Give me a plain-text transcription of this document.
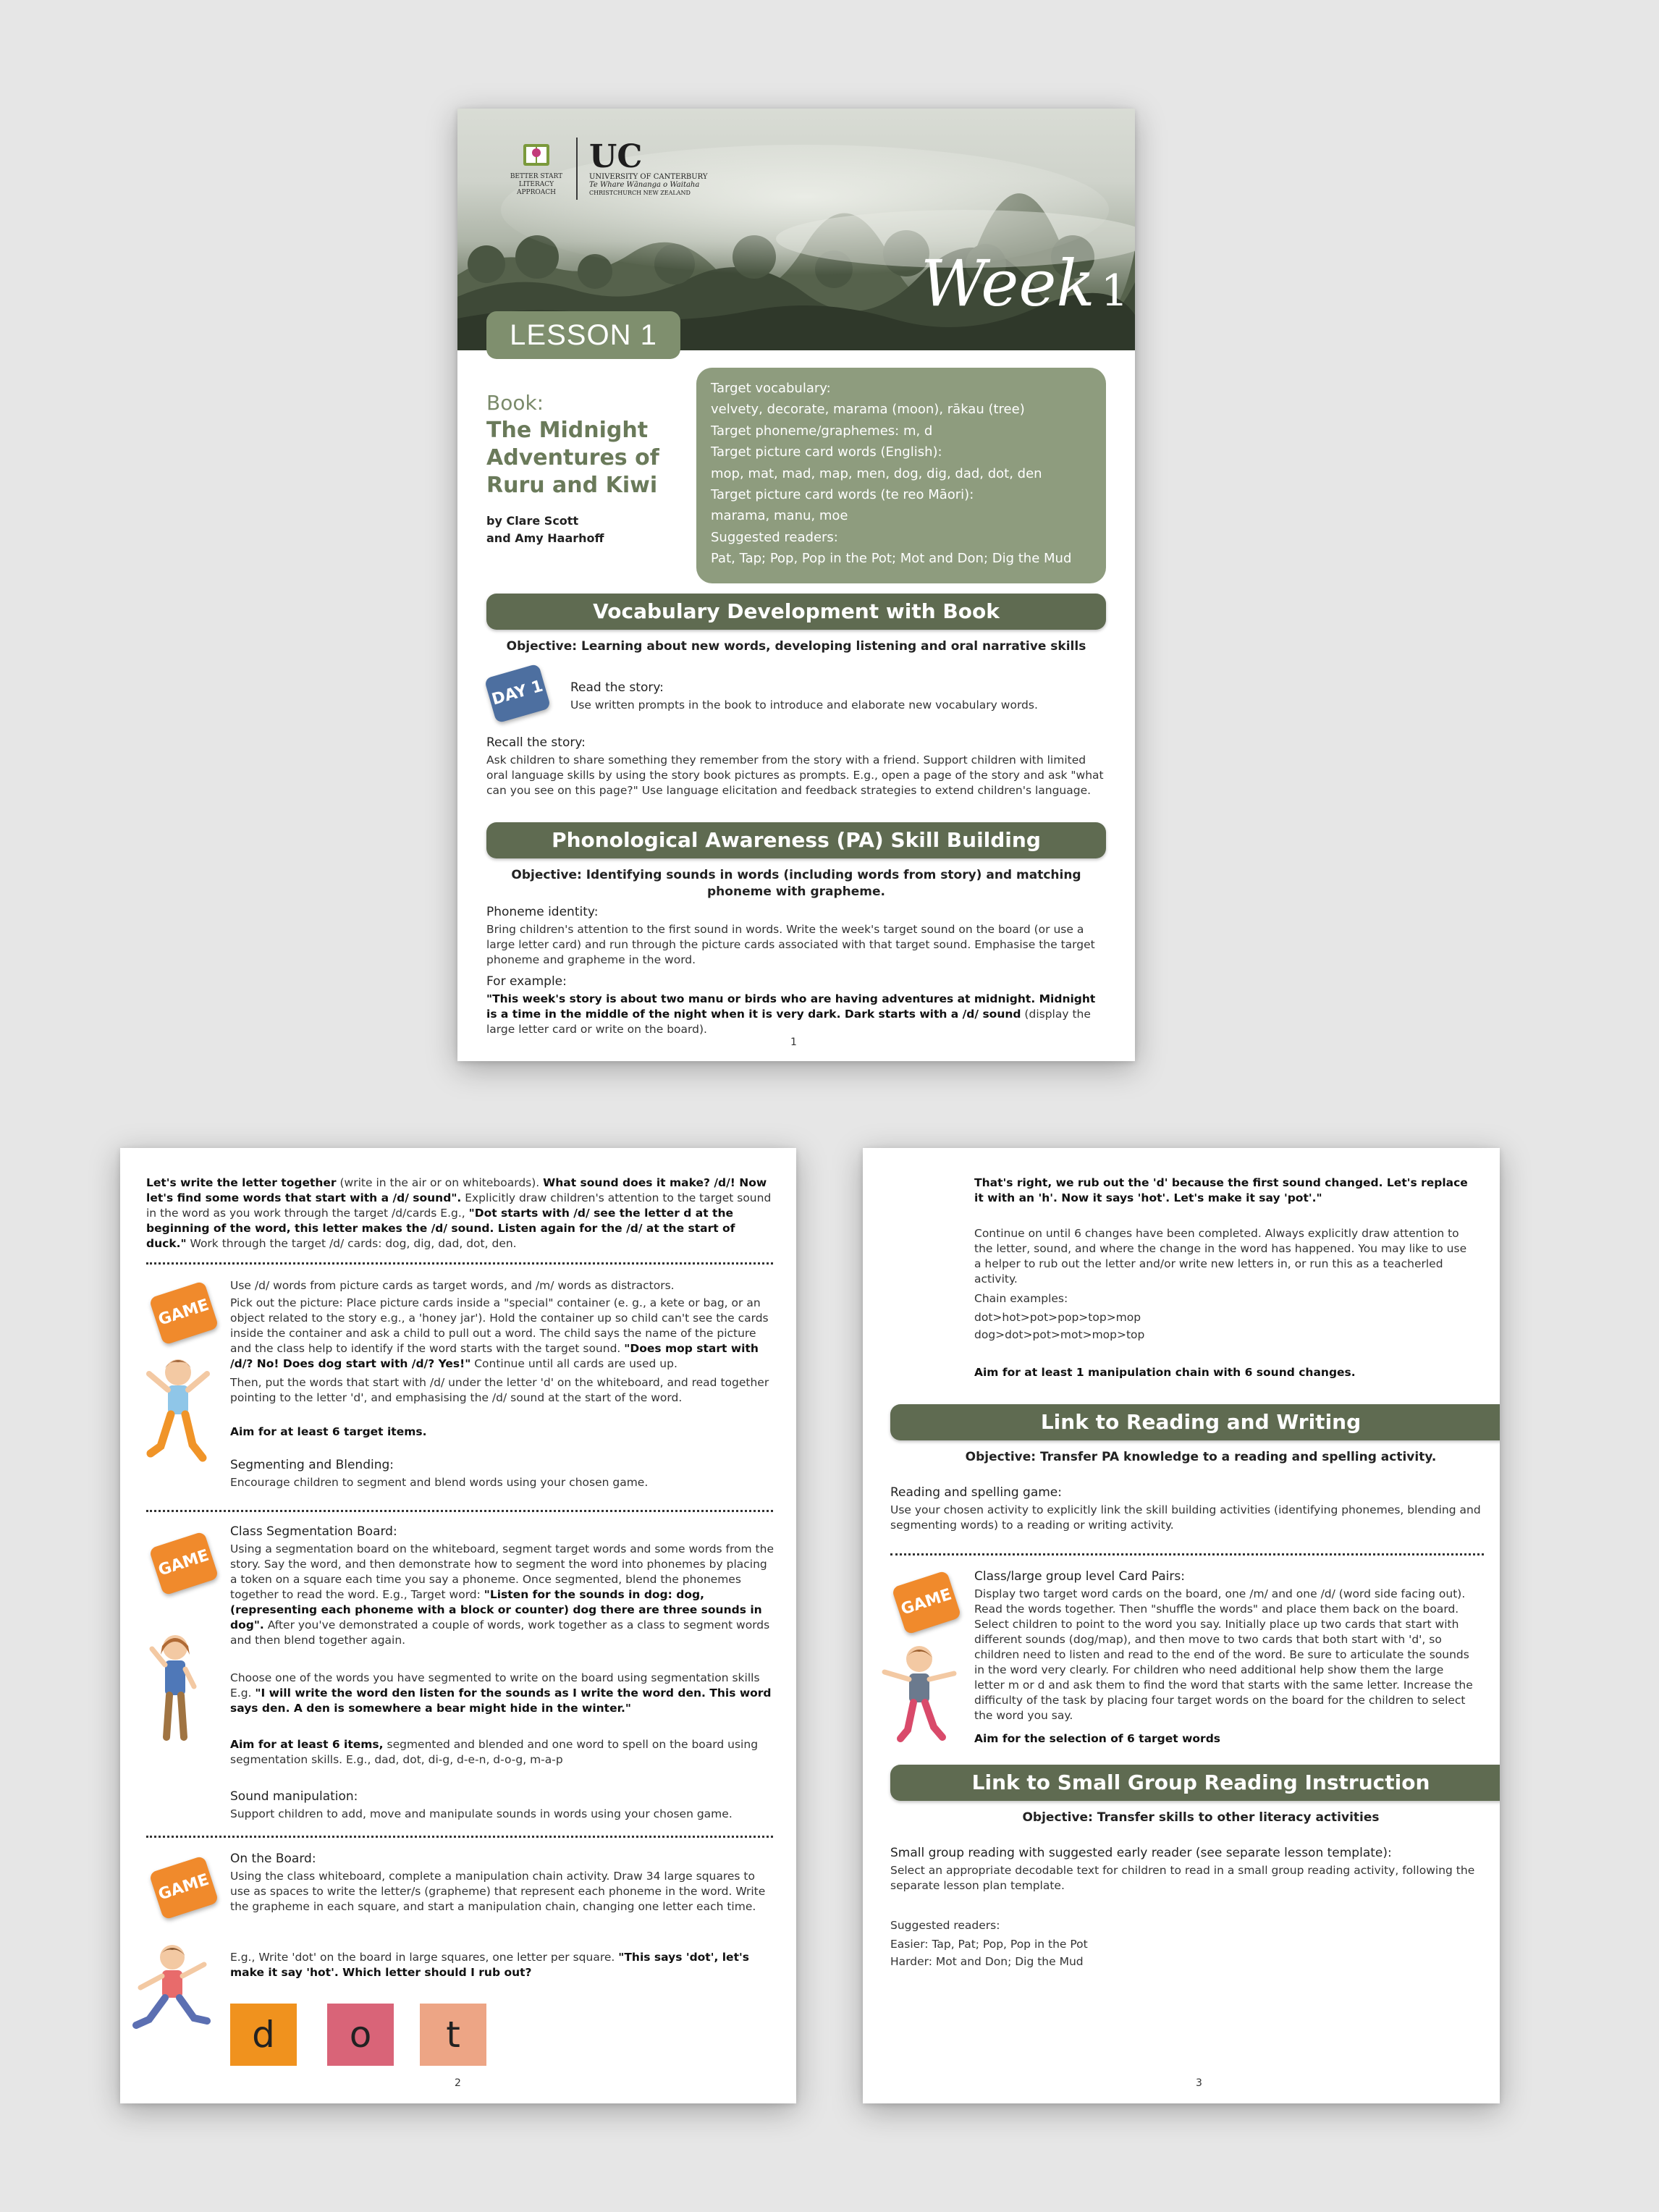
BETTER START LITERACY APPROACH
UC
UNIVERSITY OF CANTERBURY
Te Whare Wānanga o Waitaha
CHRISTCHURCH NEW ZEALAND
Week 1
LESSON 1
Book:
The Midnight Adventures of Ruru and Kiwi
by Clare Scott
and Amy Haarhoff
Target vocabulary:
velvety, decorate, marama (moon), rākau (tree)
Target phoneme/graphemes: m, d
Target picture card words (English):
mop, mat, mad, map, men, dog, dig, dad, dot, den
Target picture card words (te reo Māori):
marama, manu, moe
Suggested readers:
Pat, Tap; Pop, Pop in the Pot; Mot and Don; Dig the Mud
Vocabulary Development with Book
Objective: Learning about new words, developing listening and oral narrative skills
DAY 1	Read the story:
Use written prompts in the book to introduce and elaborate new vocabulary words.
Recall the story:
Ask children to share something they remember from the story with a friend. Support children with limited oral language skills by using the story book pictures as prompts. E.g., open a page of the story and ask "what can you see on this page?" Use language elicitation and feedback strategies to extend children's language.
Phonological Awareness (PA) Skill Building
Objective: Identifying sounds in words (including words from story) and matching
phoneme with grapheme.
Phoneme identity:
Bring children's attention to the first sound in words. Write the week's target sound on the board (or use a large letter card) and run through the picture cards associated with that target sound. Emphasise the target phoneme and grapheme in the word.
For example:
"This week's story is about two manu or birds who are having adventures at midnight. Midnight is a time in the middle of the night when it is very dark. Dark starts with a /d/ sound (display the large letter card or write on the board).
1
Let's write the letter together (write in the air or on whiteboards). What sound does it make? /d/! Now let's find some words that start with a /d/ sound". Explicitly draw children's attention to the target sound in the word as you work through the target /d/cards E.g., "Dot starts with /d/ see the letter d at the beginning of the word, this letter makes the /d/ sound. Listen again for the /d/ at the start of duck." Work through the target /d/ cards: dog, dig, dad, dot, den.
GAME
Use /d/ words from picture cards as target words, and /m/ words as distractors.
Pick out the picture: Place picture cards inside a "special" container (e. g., a kete or bag, or an object related to the story e.g., a 'honey jar'). Hold the container up so child can't see the cards inside the container and ask a child to pull out a word. The child says the name of the picture and the class help to identify if the word starts with the target sound. "Does mop start with /d/? No! Does dog start with /d/? Yes!" Continue until all cards are used up.
Then, put the words that start with /d/ under the letter 'd' on the whiteboard, and read together pointing to the letter 'd', and emphasising the /d/ sound at the start of the word.
Aim for at least 6 target items.
Segmenting and Blending:
Encourage children to segment and blend words using your chosen game.
GAME
Class Segmentation Board:
Using a segmentation board on the whiteboard, segment target words and some words from the story. Say the word, and then demonstrate how to segment the word into phonemes by placing a token on a square each time you say a phoneme. Once segmented, blend the phonemes together to read the word. E.g., Target word: "Listen for the sounds in dog: dog, (representing each phoneme with a block or counter) dog there are three sounds in dog". After you've demonstrated a couple of words, work together as a class to segment words and then blend together again.
Choose one of the words you have segmented to write on the board using segmentation skills E.g. "I will write the word den listen for the sounds as I write the word den. This word says den. A den is somewhere a bear might hide in the winter."
Aim for at least 6 items, segmented and blended and one word to spell on the board using segmentation skills. E.g., dad, dot, di-g, d-e-n, d-o-g, m-a-p
Sound manipulation:
Support children to add, move and manipulate sounds in words using your chosen game.
GAME
On the Board:
Using the class whiteboard, complete a manipulation chain activity. Draw 34 large squares to use as spaces to write the letter/s (grapheme) that represent each phoneme in the word. Write the grapheme in each square, and start a manipulation chain, changing one letter each time.
E.g., Write 'dot' on the board in large squares, one letter per square. "This says 'dot', let's make it say 'hot'. Which letter should I rub out?
d	o	t
2
That's right, we rub out the 'd' because the first sound changed. Let's replace it with an 'h'. Now it says 'hot'. Let's make it say 'pot'."
Continue on until 6 changes have been completed. Always explicitly draw attention to the letter, sound, and where the change in the word has happened. You may like to use a helper to rub out the letter and/or write new letters in, or run this as a teacherled activity.
Chain examples:
dot>hot>pot>pop>top>mop
dog>dot>pot>mot>mop>top
Aim for at least 1 manipulation chain with 6 sound changes.
Link to Reading and Writing
Objective: Transfer PA knowledge to a reading and spelling activity.
Reading and spelling game:
Use your chosen activity to explicitly link the skill building activities (identifying phonemes, blending and segmenting words) to a reading or writing activity.
GAME
Class/large group level Card Pairs:
Display two target word cards on the board, one /m/ and one /d/ (word side facing out). Read the words together. Then "shuffle the words" and place them back on the board. Select children to point to the word you say. Initially place up two cards that start with different sounds (dog/map), and then move to two cards that both start with 'd', so children need to listen and read to the end of the word. Be sure to articulate the sounds in the word very clearly. For children who need additional help show them the large letter m or d and ask them to find the word that starts with the same letter. Increase the difficulty of the task by placing four target words on the board for the children to select the word you say.
Aim for the selection of 6 target words
Link to Small Group Reading Instruction
Objective: Transfer skills to other literacy activities
Small group reading with suggested early reader (see separate lesson template):
Select an appropriate decodable text for children to read in a small group reading activity, following the separate lesson plan template.
Suggested readers:
Easier: Tap, Pat; Pop, Pop in the Pot
Harder: Mot and Don; Dig the Mud
3
